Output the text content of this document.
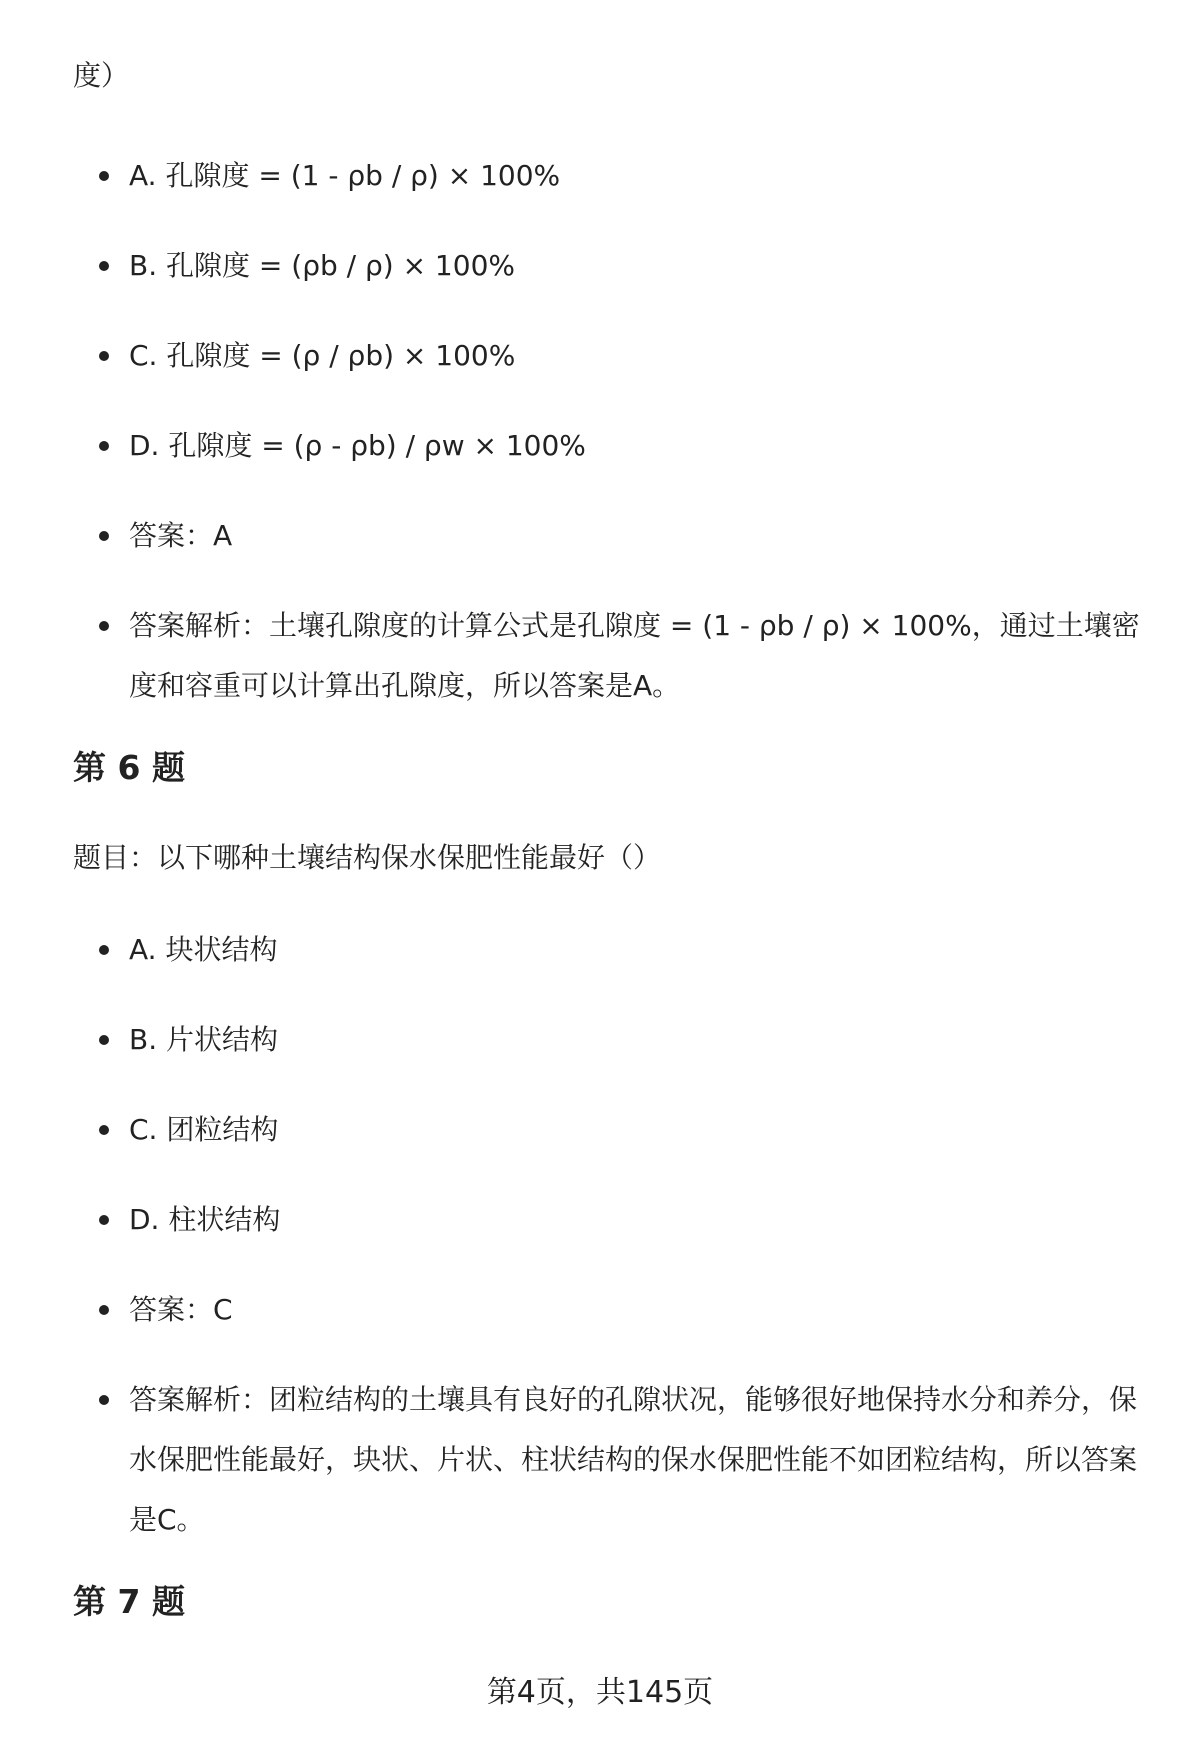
度）
A. 孔隙度 = (1 - ρb / ρ) × 100%
B. 孔隙度 = (ρb / ρ) × 100%
C. 孔隙度 = (ρ / ρb) × 100%
D. 孔隙度 = (ρ - ρb) / ρw × 100%
答案：A
答案解析：土壤孔隙度的计算公式是孔隙度 = (1 - ρb / ρ) × 100%，通过土壤密度和容重可以计算出孔隙度，所以答案是A。
第 6 题
题目：以下哪种土壤结构保水保肥性能最好（）
A. 块状结构
B. 片状结构
C. 团粒结构
D. 柱状结构
答案：C
答案解析：团粒结构的土壤具有良好的孔隙状况，能够很好地保持水分和养分，保水保肥性能最好，块状、片状、柱状结构的保水保肥性能不如团粒结构，所以答案是C。
第 7 题
第4页，共145页
